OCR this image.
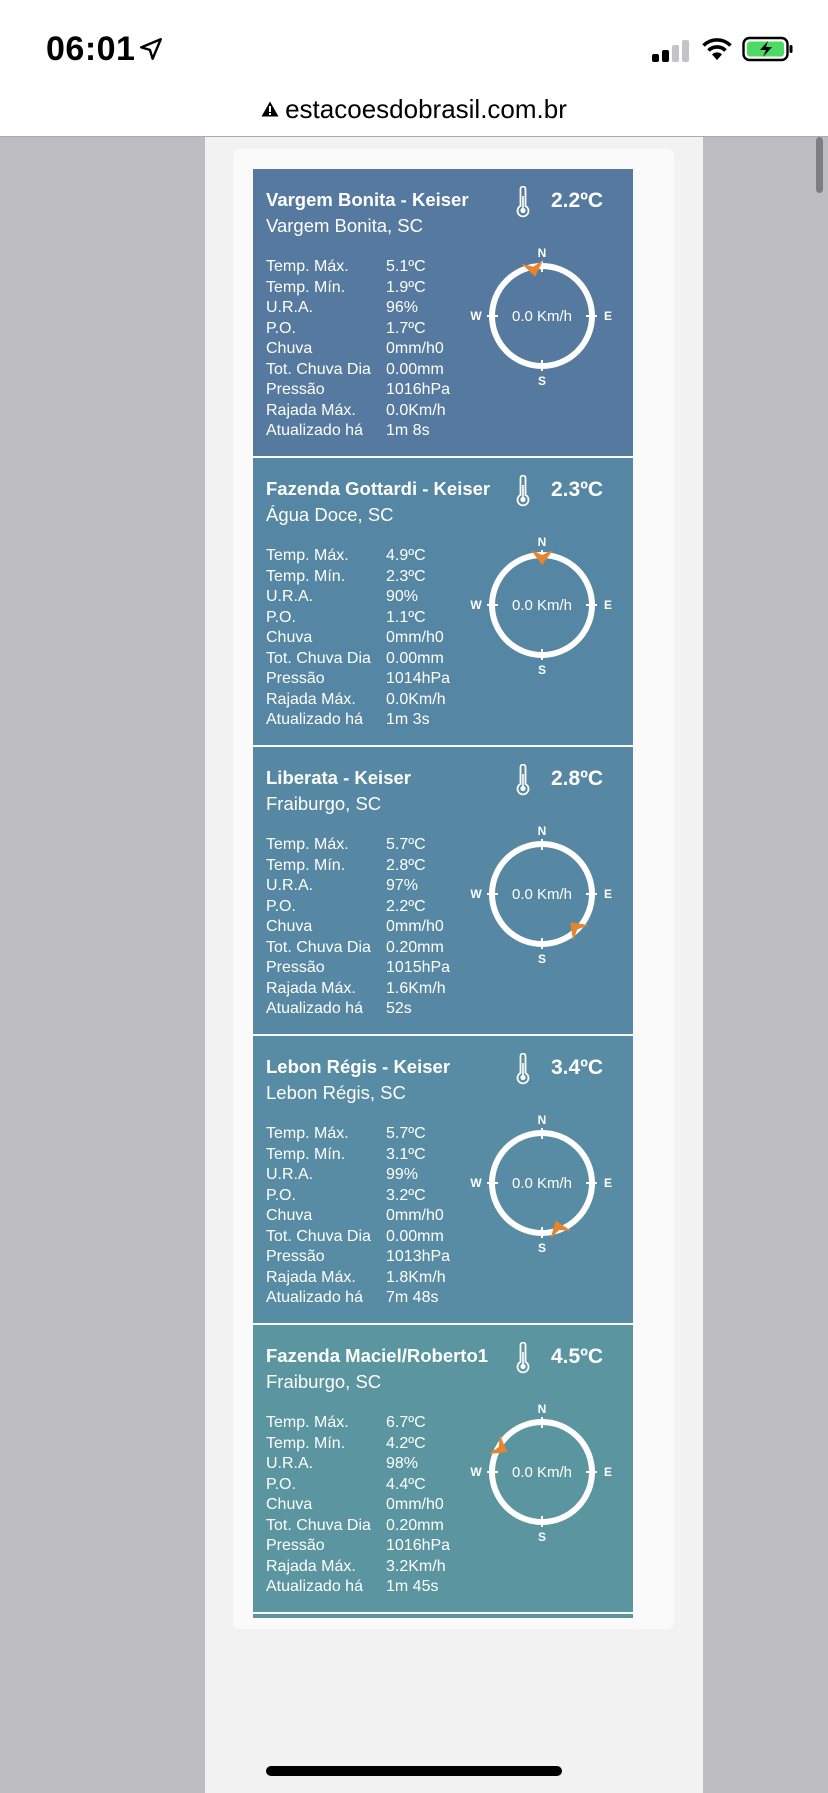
06:01
estacoesdobrasil.com.br
Vargem Bonita - Keiser
Vargem Bonita, SC
2.2ºC
Temp. Máx.	5.1ºC
Temp. Mín.	1.9ºC
U.R.A.	96%
P.O.	1.7ºC
Chuva	0mm/h0
Tot. Chuva Dia 0.00mm
Pressão	1016hPa
Rajada Máx.	0.0Km/h
Atualizado há	1m 8s
N
S
W	E
0.0 Km/h
Fazenda Gottardi - Keiser
Água Doce, SC
2.3ºC
Temp. Máx.	4.9ºC
Temp. Mín.	2.3ºC
U.R.A.	90%
P.O.	1.1ºC
Chuva	0mm/h0
Tot. Chuva Dia 0.00mm
Pressão	1014hPa
Rajada Máx.	0.0Km/h
Atualizado há	1m 3s
N
S
W	E
0.0 Km/h
Liberata - Keiser
Fraiburgo, SC
2.8ºC
Temp. Máx.	5.7ºC
Temp. Mín.	2.8ºC
U.R.A.	97%
P.O.	2.2ºC
Chuva	0mm/h0
Tot. Chuva Dia 0.20mm
Pressão	1015hPa
Rajada Máx.	1.6Km/h
Atualizado há	52s
N
S
W	E
0.0 Km/h
Lebon Régis - Keiser
Lebon Régis, SC
3.4ºC
Temp. Máx.	5.7ºC
Temp. Mín.	3.1ºC
U.R.A.	99%
P.O.	3.2ºC
Chuva	0mm/h0
Tot. Chuva Dia 0.00mm
Pressão	1013hPa
Rajada Máx.	1.8Km/h
Atualizado há	7m 48s
N
S
W	E
0.0 Km/h
Fazenda Maciel/Roberto1
Fraiburgo, SC
4.5ºC
Temp. Máx.	6.7ºC
Temp. Mín.	4.2ºC
U.R.A.	98%
P.O.	4.4ºC
Chuva	0mm/h0
Tot. Chuva Dia 0.20mm
Pressão	1016hPa
Rajada Máx.	3.2Km/h
Atualizado há	1m 45s
N
S
W	E
0.0 Km/h
